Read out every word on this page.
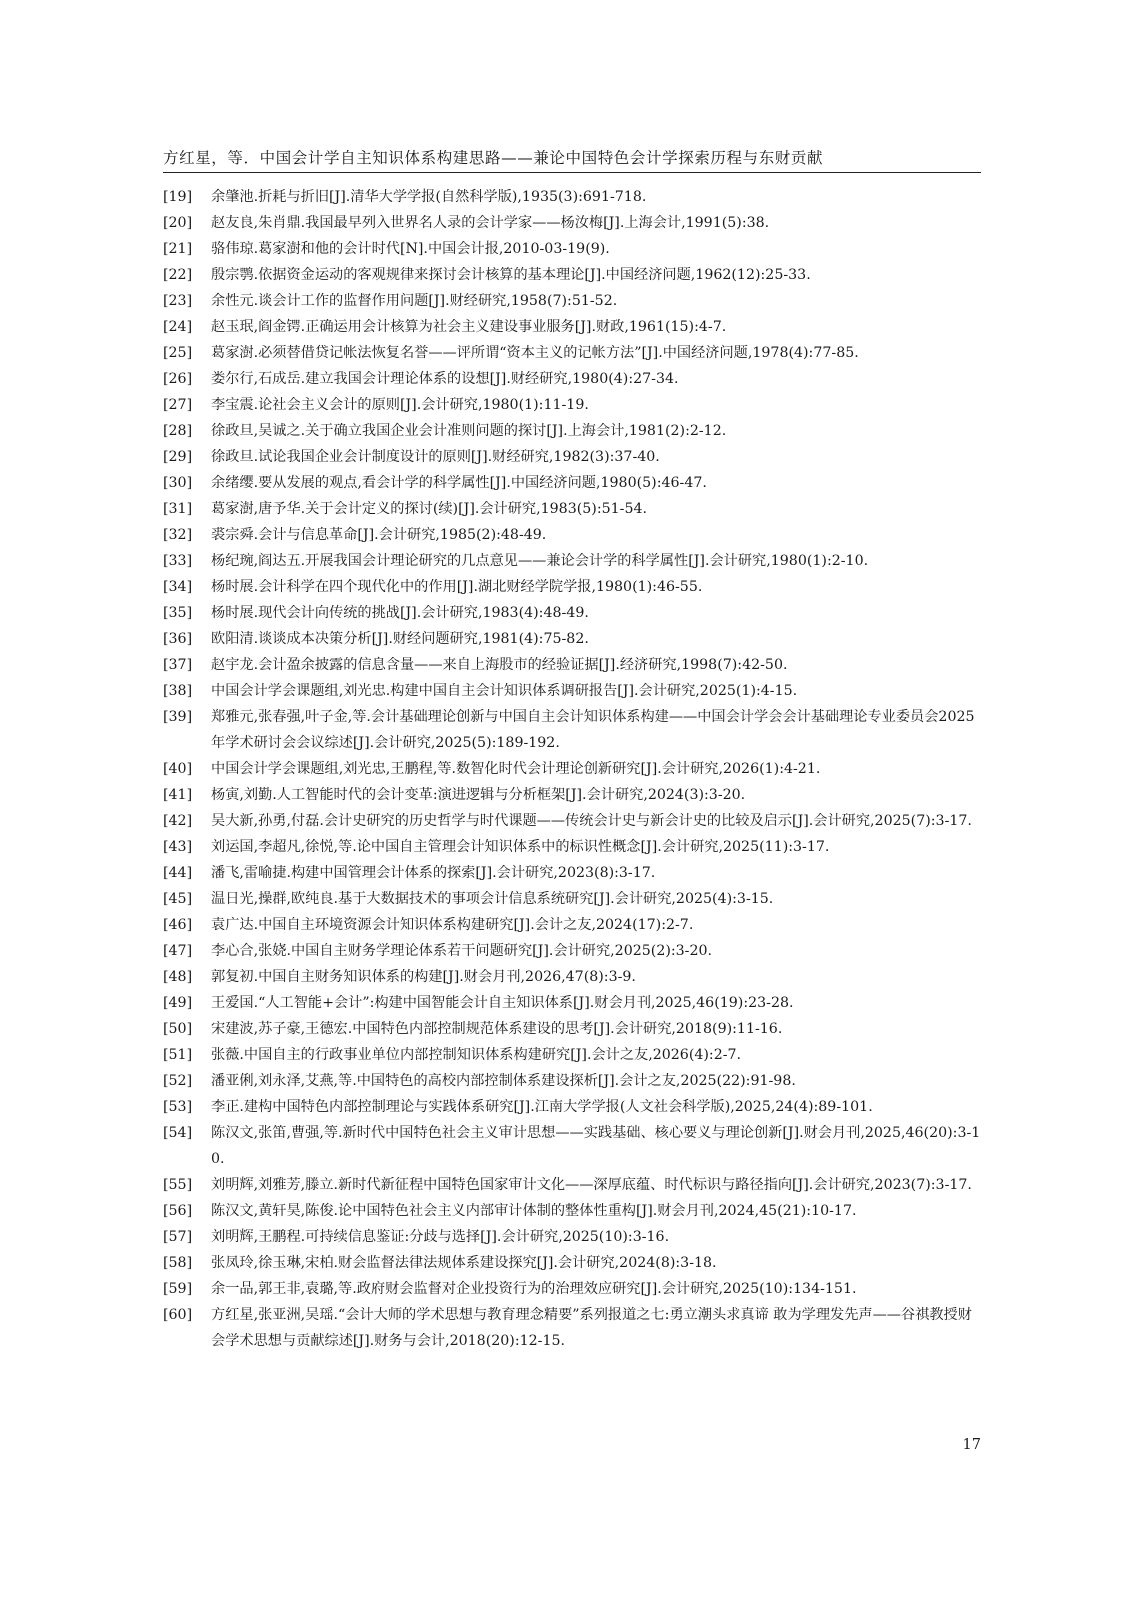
方红星，等．中国会计学自主知识体系构建思路——兼论中国特色会计学探索历程与东财贡献
[19]	余肇池.折耗与折旧[J].清华大学学报(自然科学版),1935(3):691-718.
[20]	赵友良,朱肖鼎.我国最早列入世界名人录的会计学家——杨汝梅[J].上海会计,1991(5):38.
[21]	骆伟琼.葛家澍和他的会计时代[N].中国会计报,2010-03-19(9).
[22]	殷宗鹗.依据资金运动的客观规律来探讨会计核算的基本理论[J].中国经济问题,1962(12):25-33.
[23]	余性元.谈会计工作的监督作用问题[J].财经研究,1958(7):51-52.
[24]	赵玉珉,阎金锷.正确运用会计核算为社会主义建设事业服务[J].财政,1961(15):4-7.
[25]	葛家澍.必须替借贷记帐法恢复名誉——评所谓“资本主义的记帐方法”[J].中国经济问题,1978(4):77-85.
[26]	娄尔行,石成岳.建立我国会计理论体系的设想[J].财经研究,1980(4):27-34.
[27]	李宝震.论社会主义会计的原则[J].会计研究,1980(1):11-19.
[28]	徐政旦,吴诚之.关于确立我国企业会计准则问题的探讨[J].上海会计,1981(2):2-12.
[29]	徐政旦.试论我国企业会计制度设计的原则[J].财经研究,1982(3):37-40.
[30]	余绪缨.要从发展的观点,看会计学的科学属性[J].中国经济问题,1980(5):46-47.
[31]	葛家澍,唐予华.关于会计定义的探讨(续)[J].会计研究,1983(5):51-54.
[32]	裘宗舜.会计与信息革命[J].会计研究,1985(2):48-49.
[33]	杨纪琬,阎达五.开展我国会计理论研究的几点意见——兼论会计学的科学属性[J].会计研究,1980(1):2-10.
[34]	杨时展.会计科学在四个现代化中的作用[J].湖北财经学院学报,1980(1):46-55.
[35]	杨时展.现代会计向传统的挑战[J].会计研究,1983(4):48-49.
[36]	欧阳清.谈谈成本决策分析[J].财经问题研究,1981(4):75-82.
[37]	赵宇龙.会计盈余披露的信息含量——来自上海股市的经验证据[J].经济研究,1998(7):42-50.
[38]	中国会计学会课题组,刘光忠.构建中国自主会计知识体系调研报告[J].会计研究,2025(1):4-15.
[39]	郑雅元,张春强,叶子金,等.会计基础理论创新与中国自主会计知识体系构建——中国会计学会会计基础理论专业委员会2025年学术研讨会会议综述[J].会计研究,2025(5):189-192.
[40]	中国会计学会课题组,刘光忠,王鹏程,等.数智化时代会计理论创新研究[J].会计研究,2026(1):4-21.
[41]	杨寅,刘勤.人工智能时代的会计变革:演进逻辑与分析框架[J].会计研究,2024(3):3-20.
[42]	吴大新,孙勇,付磊.会计史研究的历史哲学与时代课题——传统会计史与新会计史的比较及启示[J].会计研究,2025(7):3-17.
[43]	刘运国,李超凡,徐悦,等.论中国自主管理会计知识体系中的标识性概念[J].会计研究,2025(11):3-17.
[44]	潘飞,雷喻捷.构建中国管理会计体系的探索[J].会计研究,2023(8):3-17.
[45]	温日光,操群,欧纯良.基于大数据技术的事项会计信息系统研究[J].会计研究,2025(4):3-15.
[46]	袁广达.中国自主环境资源会计知识体系构建研究[J].会计之友,2024(17):2-7.
[47]	李心合,张娆.中国自主财务学理论体系若干问题研究[J].会计研究,2025(2):3-20.
[48]	郭复初.中国自主财务知识体系的构建[J].财会月刊,2026,47(8):3-9.
[49]	王爱国.“人工智能+会计”:构建中国智能会计自主知识体系[J].财会月刊,2025,46(19):23-28.
[50]	宋建波,苏子豪,王德宏.中国特色内部控制规范体系建设的思考[J].会计研究,2018(9):11-16.
[51]	张薇.中国自主的行政事业单位内部控制知识体系构建研究[J].会计之友,2026(4):2-7.
[52]	潘亚俐,刘永泽,艾燕,等.中国特色的高校内部控制体系建设探析[J].会计之友,2025(22):91-98.
[53]	李正.建构中国特色内部控制理论与实践体系研究[J].江南大学学报(人文社会科学版),2025,24(4):89-101.
[54]	陈汉文,张笛,曹强,等.新时代中国特色社会主义审计思想——实践基础、核心要义与理论创新[J].财会月刊,2025,46(20):3-10.
[55]	刘明辉,刘雅芳,滕立.新时代新征程中国特色国家审计文化——深厚底蕴、时代标识与路径指向[J].会计研究,2023(7):3-17.
[56]	陈汉文,黄轩昊,陈俊.论中国特色社会主义内部审计体制的整体性重构[J].财会月刊,2024,45(21):10-17.
[57]	刘明辉,王鹏程.可持续信息鉴证:分歧与选择[J].会计研究,2025(10):3-16.
[58]	张凤玲,徐玉琳,宋柏.财会监督法律法规体系建设探究[J].会计研究,2024(8):3-18.
[59]	余一品,郭王非,袁璐,等.政府财会监督对企业投资行为的治理效应研究[J].会计研究,2025(10):134-151.
[60]	方红星,张亚洲,吴瑶.“会计大师的学术思想与教育理念精要”系列报道之七:勇立潮头求真谛 敢为学理发先声——谷祺教授财会学术思想与贡献综述[J].财务与会计,2018(20):12-15.
17
